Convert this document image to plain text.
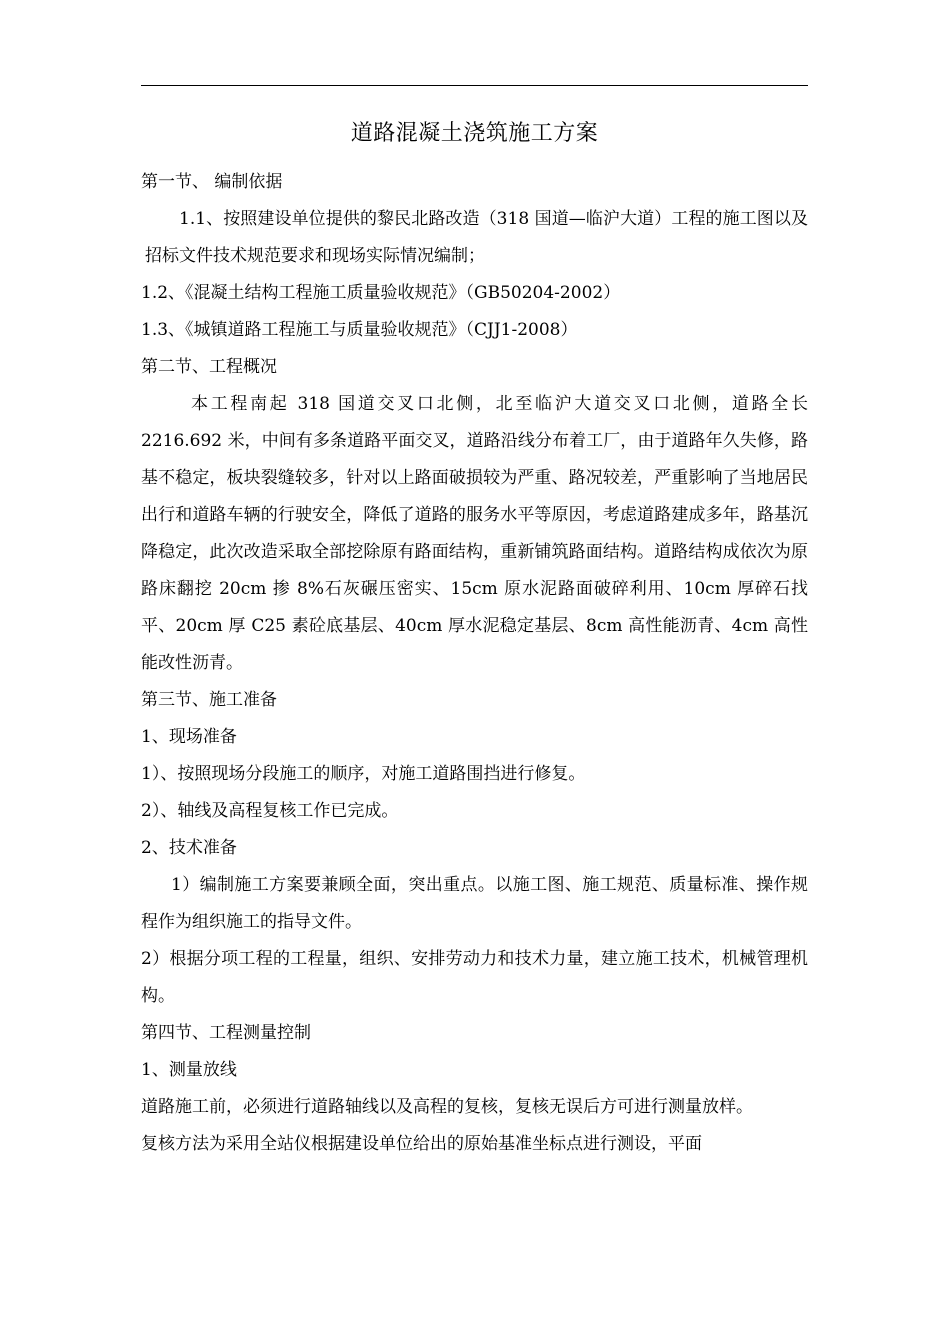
道路混凝土浇筑施工方案

第一节、 编制依据

1.1、按照建设单位提供的黎民北路改造（318 国道—临沪大道）工程的施工图以及招标文件技术规范要求和现场实际情况编制；

1.2、《混凝土结构工程施工质量验收规范》（GB50204-2002）

1.3、《城镇道路工程施工与质量验收规范》（CJJ1-2008）

第二节、工程概况

本工程南起 318 国道交叉口北侧，北至临沪大道交叉口北侧，道路全长 2216.692 米，中间有多条道路平面交叉，道路沿线分布着工厂，由于道路年久失修，路基不稳定，板块裂缝较多，针对以上路面破损较为严重、路况较差，严重影响了当地居民出行和道路车辆的行驶安全，降低了道路的服务水平等原因，考虑道路建成多年，路基沉降稳定，此次改造采取全部挖除原有路面结构，重新铺筑路面结构。道路结构成依次为原路床翻挖 20cm 掺 8%石灰碾压密实、15cm 原水泥路面破碎利用、10cm 厚碎石找平、20cm 厚 C25 素砼底基层、40cm 厚水泥稳定基层、8cm 高性能沥青、4cm 高性能改性沥青。

第三节、施工准备

1、现场准备

1）、按照现场分段施工的顺序，对施工道路围挡进行修复。

2）、轴线及高程复核工作已完成。

2、技术准备

1）编制施工方案要兼顾全面，突出重点。以施工图、施工规范、质量标准、操作规程作为组织施工的指导文件。

2）根据分项工程的工程量，组织、安排劳动力和技术力量，建立施工技术，机械管理机构。

第四节、工程测量控制

1、测量放线

道路施工前，必须进行道路轴线以及高程的复核，复核无误后方可进行测量放样。

复核方法为采用全站仪根据建设单位给出的原始基准坐标点进行测设，平面
